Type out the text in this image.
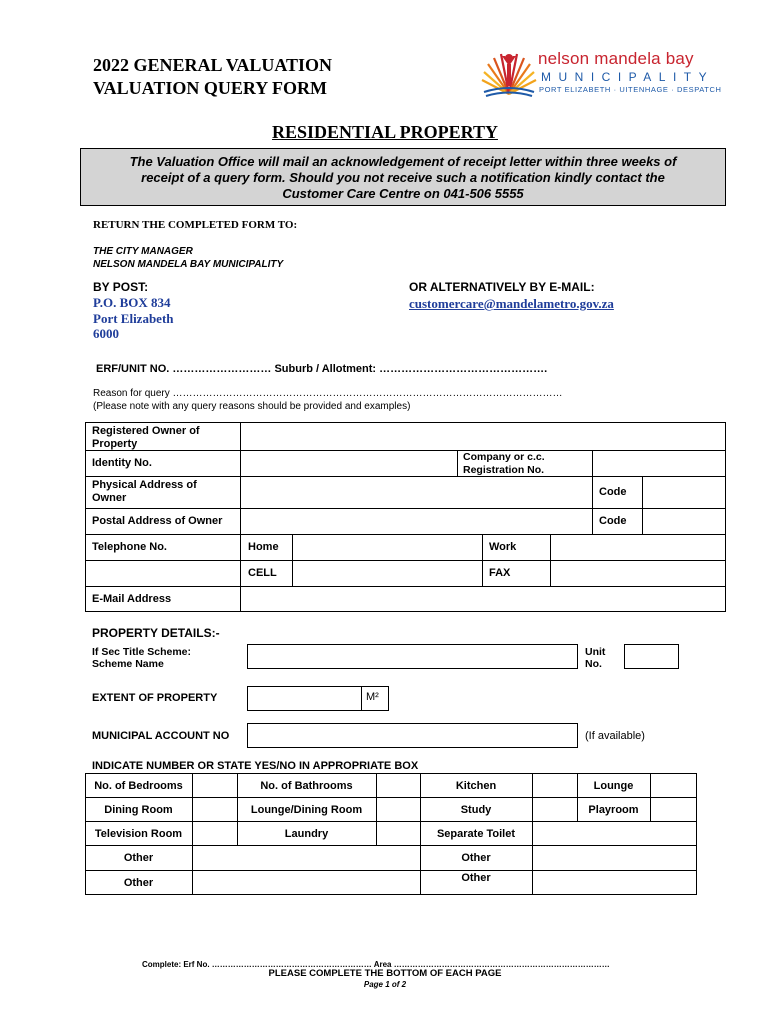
2022 GENERAL VALUATION
VALUATION QUERY FORM
nelson mandela bay
MUNICIPALITY
PORT ELIZABETH · UITENHAGE · DESPATCH
RESIDENTIAL PROPERTY
The Valuation Office will mail an acknowledgement of receipt letter within three weeks of
receipt of a query form. Should you not receive such a notification kindly contact the
Customer Care Centre on 041-506 5555
RETURN THE COMPLETED FORM TO:
THE CITY MANAGER
NELSON MANDELA BAY MUNICIPALITY
BY POST:
P.O. BOX 834
Port Elizabeth
6000
OR ALTERNATIVELY BY E-MAIL:
customercare@mandelametro.gov.za
ERF/UNIT NO. ……………………… Suburb / Allotment: ……………………………………….
Reason for query ………………………………………………………………………………………………………
(Please note with any query reasons should be provided and examples)
Registered Owner of Property
Identity No.	Company or c.c. Registration No.
Physical Address of Owner	Code
Postal Address of Owner	Code
Telephone No.	Home	Work
CELL	FAX
E-Mail Address
PROPERTY DETAILS:-
If Sec Title Scheme:
Scheme Name
Unit
No.
EXTENT OF PROPERTY	M²
MUNICIPAL ACCOUNT NO	(If available)
INDICATE NUMBER OR STATE YES/NO IN APPROPRIATE BOX
No. of Bedrooms	No. of Bathrooms	Kitchen	Lounge
Dining Room	Lounge/Dining Room	Study	Playroom
Television Room	Laundry	Separate Toilet
Other	Other
Other	Other
Complete: Erf No. …………………………………………………… Area ………………………………………………………………………
PLEASE COMPLETE THE BOTTOM OF EACH PAGE
Page 1 of 2
